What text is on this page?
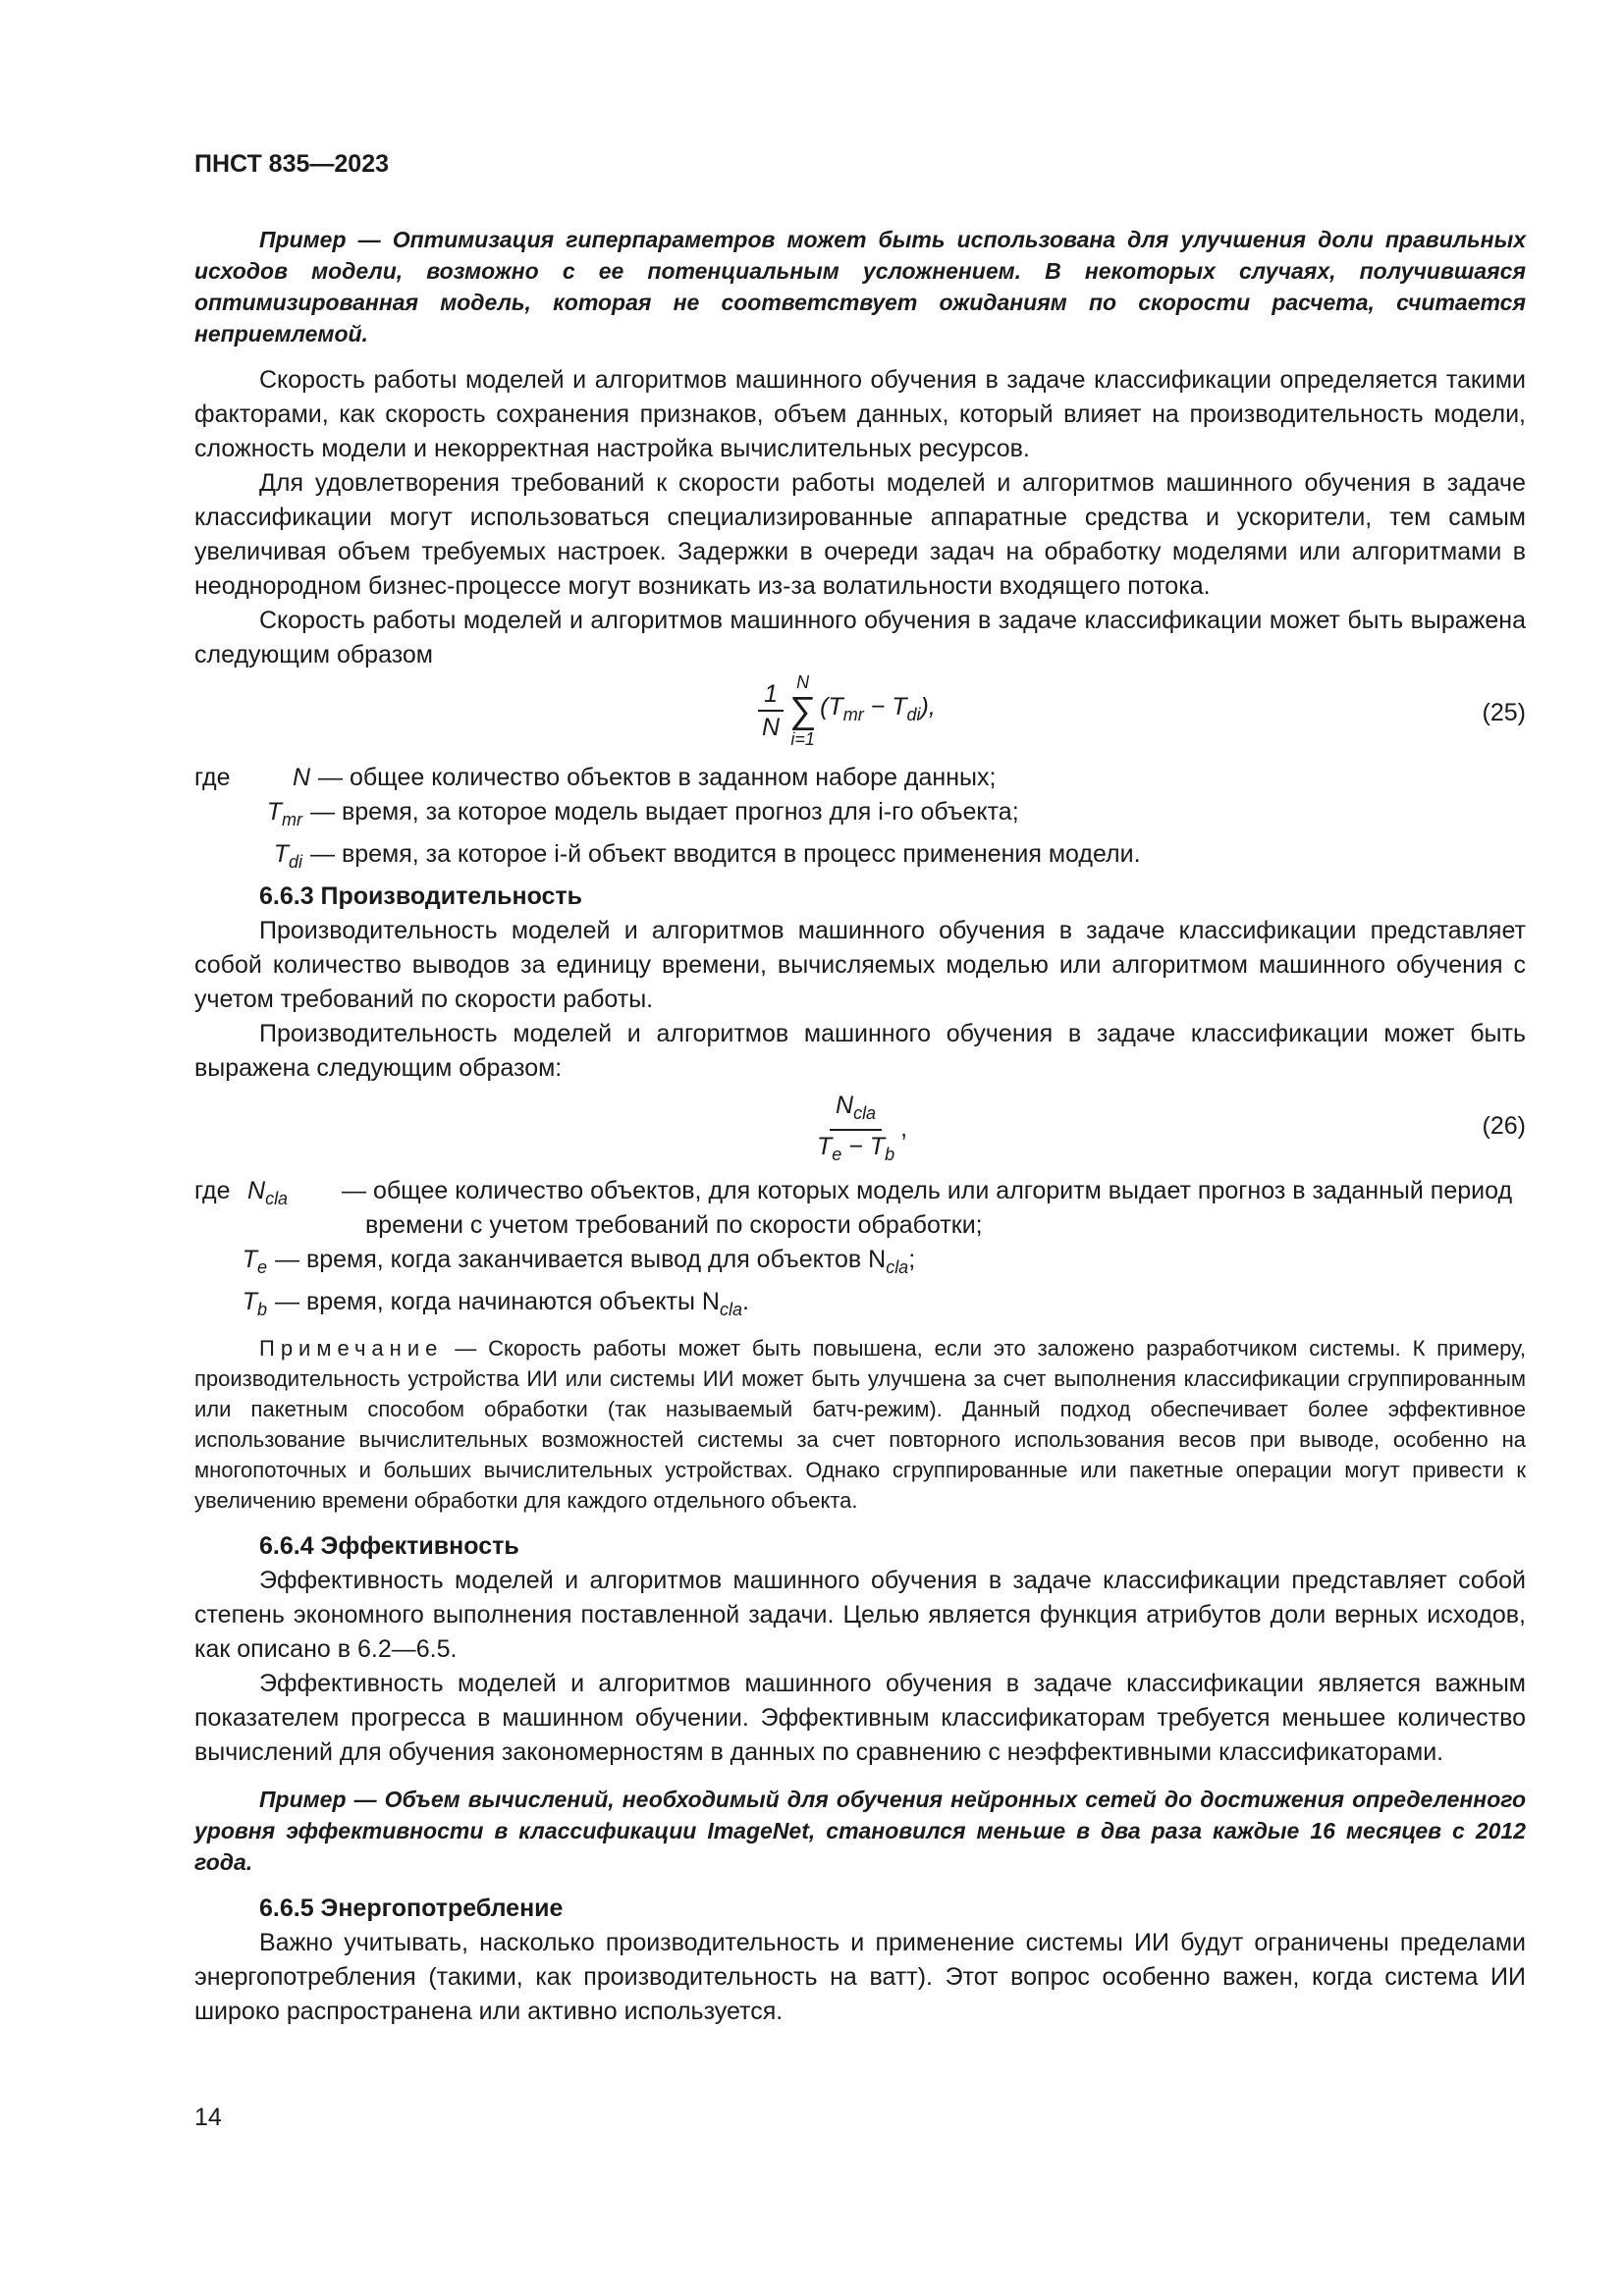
ПНСТ 835—2023

Пример — Оптимизация гиперпараметров может быть использована для улучшения доли правильных исходов модели, возможно с ее потенциальным усложнением. В некоторых случаях, получившаяся оптимизированная модель, которая не соответствует ожиданиям по скорости расчета, считается неприемлемой.

Скорость работы моделей и алгоритмов машинного обучения в задаче классификации определяется такими факторами, как скорость сохранения признаков, объем данных, который влияет на производительность модели, сложность модели и некорректная настройка вычислительных ресурсов.

Для удовлетворения требований к скорости работы моделей и алгоритмов машинного обучения в задаче классификации могут использоваться специализированные аппаратные средства и ускорители, тем самым увеличивая объем требуемых настроек. Задержки в очереди задач на обработку моделями или алгоритмами в неоднородном бизнес-процессе могут возникать из-за волатильности входящего потока.

Скорость работы моделей и алгоритмов машинного обучения в задаче классификации может быть выражена следующим образом

$\frac{1}{N}$ N
∑
i=1
$(T_{mr} - T_{di})$,	(25)
где	N — общее количество объектов в заданном наборе данных;
$T_{mr}$ — время, за которое модель выдает прогноз для i-го объекта;
$T_{di}$ — время, за которое i-й объект вводится в процесс применения модели.

6.6.3 Производительность

Производительность моделей и алгоритмов машинного обучения в задаче классификации представляет собой количество выводов за единицу времени, вычисляемых моделью или алгоритмом машинного обучения с учетом требований по скорости работы.

Производительность моделей и алгоритмов машинного обучения в задаче классификации может быть выражена следующим образом:

$\frac{N_{cla}}{T_e - T_b}$ ,	(26)
где $N_{cla}$	— общее количество объектов, для которых модель или алгоритм выдает прогноз в заданный период времени с учетом требований по скорости обработки;
$T_e$ — время, когда заканчивается вывод для объектов $N_{cla}$;
$T_b$ — время, когда начинаются объекты $N_{cla}$.

Примечание — Скорость работы может быть повышена, если это заложено разработчиком системы. К примеру, производительность устройства ИИ или системы ИИ может быть улучшена за счет выполнения классификации сгруппированным или пакетным способом обработки (так называемый батч-режим). Данный подход обеспечивает более эффективное использование вычислительных возможностей системы за счет повторного использования весов при выводе, особенно на многопоточных и больших вычислительных устройствах. Однако сгруппированные или пакетные операции могут привести к увеличению времени обработки для каждого отдельного объекта.

6.6.4 Эффективность

Эффективность моделей и алгоритмов машинного обучения в задаче классификации представляет собой степень экономного выполнения поставленной задачи. Целью является функция атрибутов доли верных исходов, как описано в 6.2—6.5.

Эффективность моделей и алгоритмов машинного обучения в задаче классификации является важным показателем прогресса в машинном обучении. Эффективным классификаторам требуется меньшее количество вычислений для обучения закономерностям в данных по сравнению с неэффективными классификаторами.

Пример — Объем вычислений, необходимый для обучения нейронных сетей до достижения определенного уровня эффективности в классификации ImageNet, становился меньше в два раза каждые 16 месяцев с 2012 года.

6.6.5 Энергопотребление

Важно учитывать, насколько производительность и применение системы ИИ будут ограничены пределами энергопотребления (такими, как производительность на ватт). Этот вопрос особенно важен, когда система ИИ широко распространена или активно используется.

14
